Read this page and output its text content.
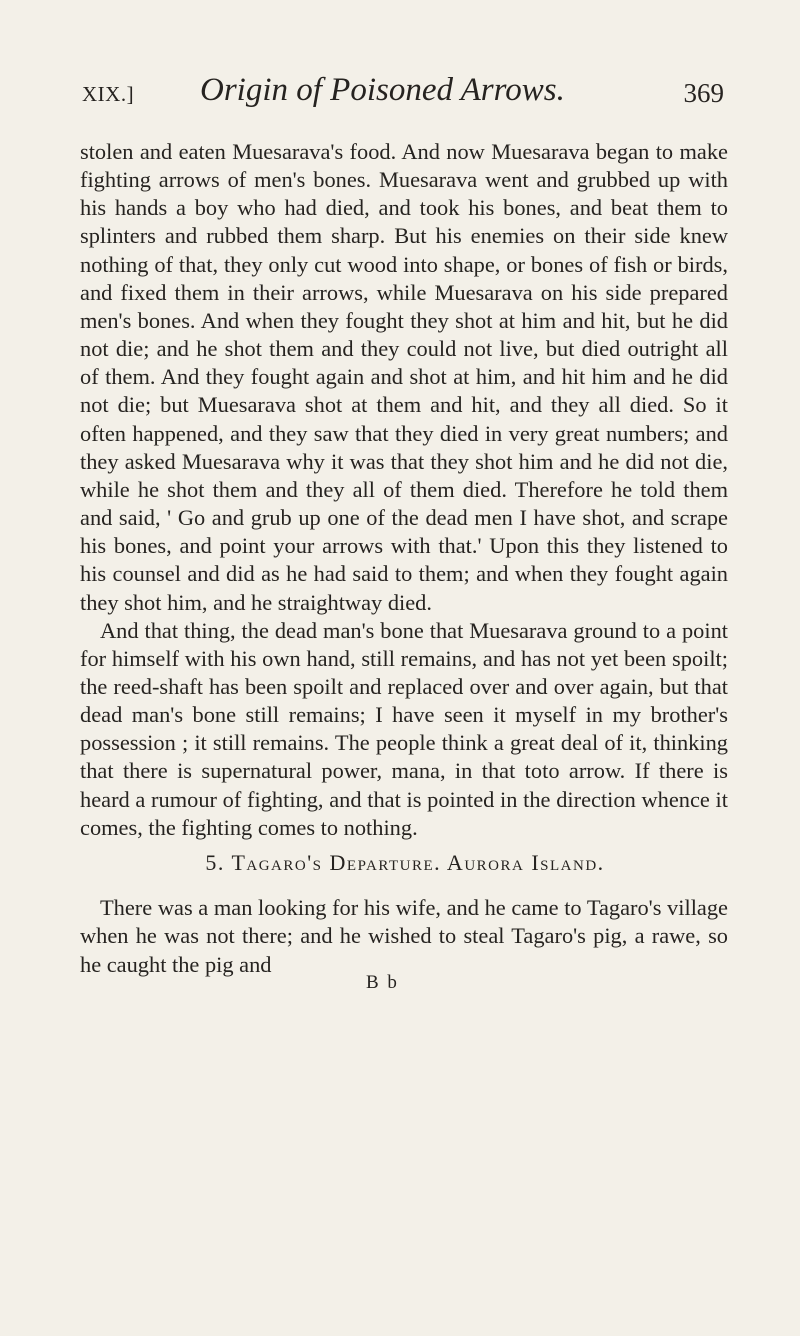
XIX.] Origin of Poisoned Arrows.	369

stolen and eaten Muesarava's food. And now Muesarava began to make fighting arrows of men's bones. Muesarava went and grubbed up with his hands a boy who had died, and took his bones, and beat them to splinters and rubbed them sharp. But his enemies on their side knew nothing of that, they only cut wood into shape, or bones of fish or birds, and fixed them in their arrows, while Muesarava on his side prepared men's bones. And when they fought they shot at him and hit, but he did not die; and he shot them and they could not live, but died outright all of them. And they fought again and shot at him, and hit him and he did not die; but Muesarava shot at them and hit, and they all died. So it often happened, and they saw that they died in very great numbers; and they asked Muesarava why it was that they shot him and he did not die, while he shot them and they all of them died. Therefore he told them and said, ' Go and grub up one of the dead men I have shot, and scrape his bones, and point your arrows with that.' Upon this they listened to his counsel and did as he had said to them; and when they fought again they shot him, and he straightway died.

And that thing, the dead man's bone that Muesarava ground to a point for himself with his own hand, still remains, and has not yet been spoilt; the reed-shaft has been spoilt and replaced over and over again, but that dead man's bone still remains; I have seen it myself in my brother's possession ; it still remains. The people think a great deal of it, thinking that there is supernatural power, mana, in that toto arrow. If there is heard a rumour of fighting, and that is pointed in the direction whence it comes, the fighting comes to nothing.

5. Tagaro's Departure. Aurora Island.

There was a man looking for his wife, and he came to Tagaro's village when he was not there; and he wished to steal Tagaro's pig, a rawe, so he caught the pig and

B b
